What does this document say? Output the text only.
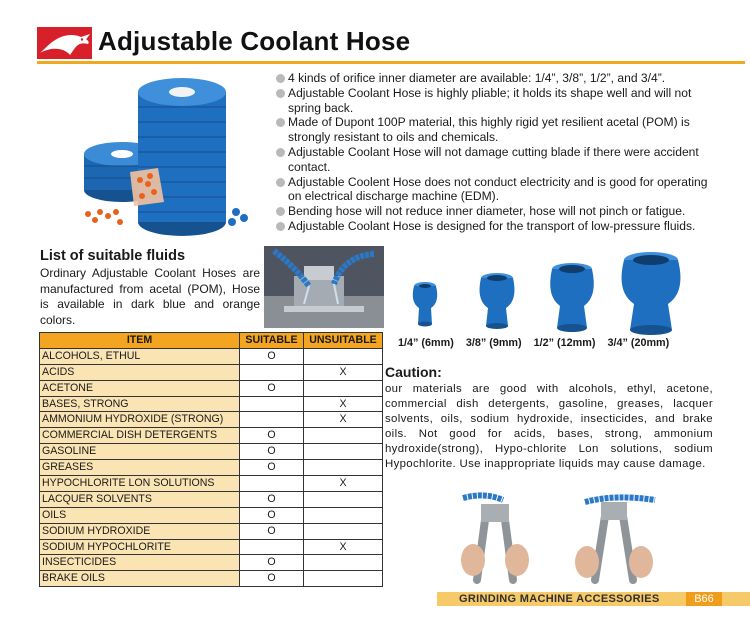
Adjustable Coolant Hose
4 kinds of orifice inner diameter are available: 1/4”, 3/8”, 1/2”, and 3/4”.
Adjustable Coolant Hose is highly pliable; it holds its shape well and will not spring back.
Made of Dupont 100P material, this highly rigid yet resilient acetal (POM) is strongly resistant to oils and chemicals.
Adjustable Coolant Hose will not damage cutting blade if there were accident contact.
Adjustable Coolent Hose does not conduct electricity and is good for operating on electrical discharge machine (EDM).
Bending hose will not reduce inner diameter, hose will not pinch or fatigue.
Adjustable Coolant Hose is designed for the transport of low-pressure fluids.
List of suitable fluids
Ordinary Adjustable Coolant Hoses are manufactured from acetal (POM), Hose is available in dark blue and orange colors.
1/4” (6mm) 3/8” (9mm) 1/2” (12mm) 3/4” (20mm)
ITEM	SUITABLE	UNSUITABLE
ALCOHOLS, ETHUL	O	
ACIDS		X
ACETONE	O	
BASES, STRONG		X
AMMONIUM HYDROXIDE (STRONG)		X
COMMERCIAL DISH DETERGENTS	O	
GASOLINE	O	
GREASES	O	
HYPOCHLORITE LON SOLUTIONS		X
LACQUER SOLVENTS	O	
OILS	O	
SODIUM HYDROXIDE	O	
SODIUM HYPOCHLORITE		X
INSECTICIDES	O	
BRAKE OILS	O	
Caution:
our materials are good with alcohols, ethyl, acetone, commercial dish detergents, gasoline, greases, lacquer solvents, oils, sodium hydroxide, insecticides, and brake oils. Not good for acids, bases, strong, ammonium hydroxide(strong), Hypo-chlorite Lon solutions, sodium Hypochlorite. Use inappropriate liquids may cause damage.
GRINDING MACHINE ACCESSORIES	B66
